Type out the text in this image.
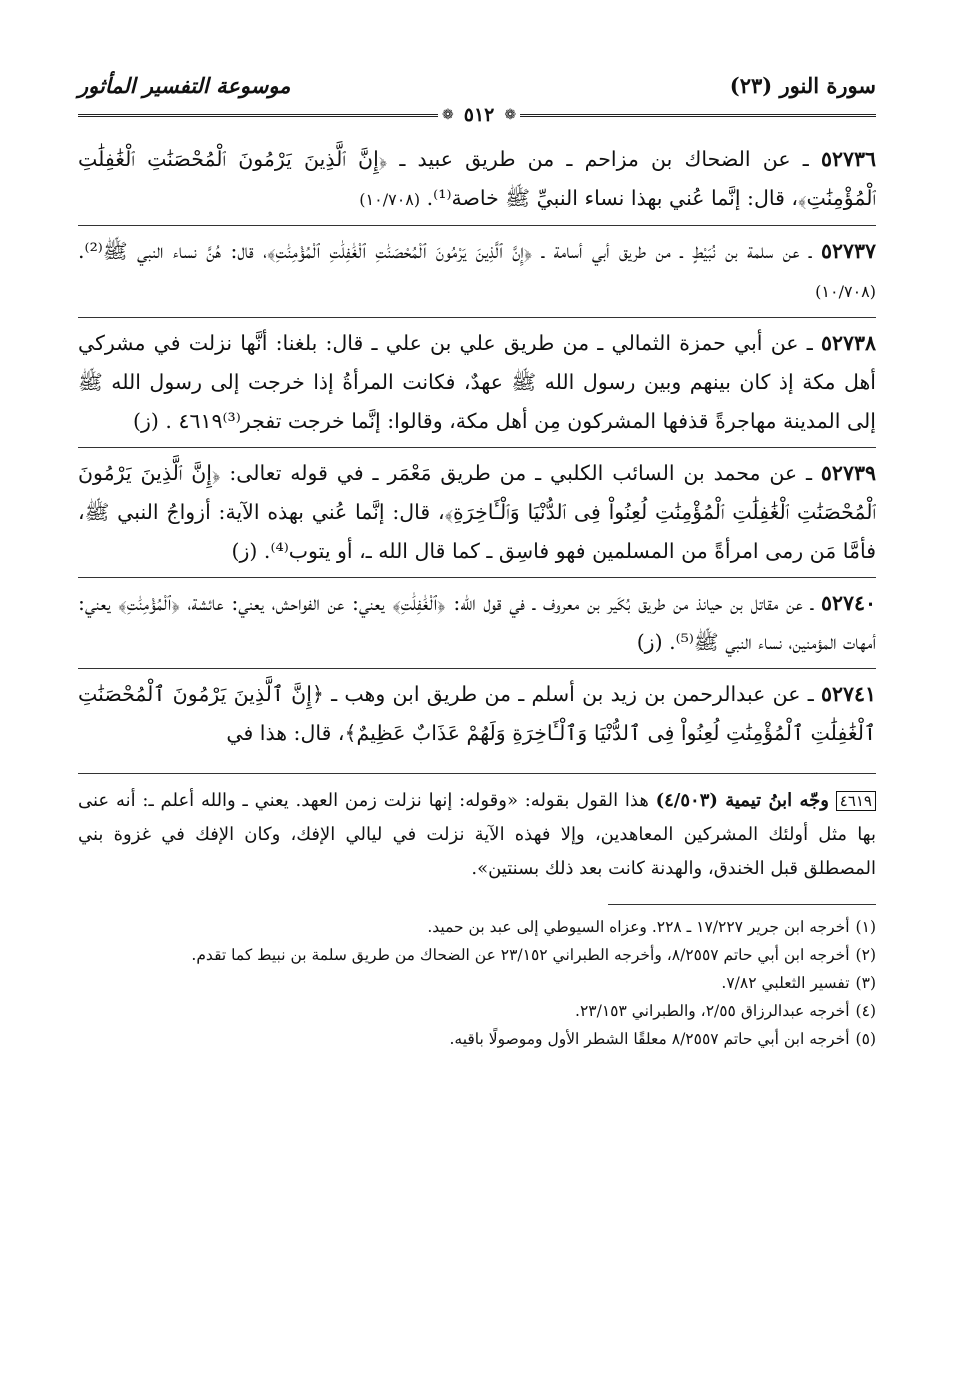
سورة النور (٢٣)
موسوعة التفسير المأثور
❁
٥١٢
❁

٥٢٧٣٦ ـ عن الضحاك بن مزاحم ـ من طريق عبيد ـ ﴿إِنَّ ٱلَّذِينَ يَرْمُونَ ٱلْمُحْصَنَٰتِ ٱلْغَٰفِلَٰتِ ٱلْمُؤْمِنَٰتِ﴾، قال: إنَّما عُني بهذا نساء النبيِّ ﷺ خاصة⁽¹⁾. (١٠/٧٠٨)

٥٢٧٣٧ ـ عن سلمة بن نُبَيْطٍ ـ من طريق أبي أسامة ـ ﴿إِنَّ ٱلَّذِينَ يَرْمُونَ ٱلْمُحْصَنَٰتِ ٱلْغَٰفِلَٰتِ ٱلْمُؤْمِنَٰتِ﴾، قال: هُنَّ نساء النبي ﷺ⁽²⁾. (١٠/٧٠٨)

٥٢٧٣٨ ـ عن أبي حمزة الثمالي ـ من طريق علي بن علي ـ قال: بلغنا: أنَّها نزلت في مشركي أهل مكة إذ كان بينهم وبين رسول الله ﷺ عهدٌ، فكانت المرأةُ إذا خرجت إلى رسول الله ﷺ إلى المدينة مهاجرةً قذفها المشركون مِن أهل مكة، وقالوا: إنَّما خرجت تفجر⁽³⁾٤٦١٩ . (ز)

٥٢٧٣٩ ـ عن محمد بن السائب الكلبي ـ من طريق مَعْمَر ـ في قوله تعالى: ﴿إِنَّ ٱلَّذِينَ يَرْمُونَ ٱلْمُحْصَنَٰتِ ٱلْغَٰفِلَٰتِ ٱلْمُؤْمِنَٰتِ لُعِنُواْ فِى ٱلدُّنْيَا وَٱلْـَٔاخِرَةِ﴾، قال: إنَّما عُني بهذه الآية: أزواجُ النبي ﷺ، فأمَّا مَن رمى امرأةً من المسلمين فهو فاسِق ـ كما قال الله ـ، أو يتوب⁽⁴⁾. (ز)

٥٢٧٤٠ ـ عن مقاتل بن حيانذ من طريق بُكَير بن معروف ـ في قول الله: ﴿ٱلْغَٰفِلَٰتِ﴾ يعني: عن الفواحش، يعني: عائشة، ﴿ٱلْمُؤْمِنَٰتِ﴾ يعني: أمهات المؤمنين، نساء النبي ﷺ⁽⁵⁾. (ز)

٥٢٧٤١ ـ عن عبدالرحمن بن زيد بن أسلم ـ من طريق ابن وهب ـ ﴿إِنَّ ٱلَّذِينَ يَرْمُونَ ٱلْمُحْصَنَٰتِ ٱلْغَٰفِلَٰتِ ٱلْمُؤْمِنَٰتِ لُعِنُواْ فِى ٱلدُّنْيَا وَٱلْـَٔاخِرَةِ وَلَهُمْ عَذَابٌ عَظِيمٌ﴾، قال: هذا في

٤٦١٩ وجّه ابنُ تيمية (٤/٥٠٣) هذا القول بقوله: «وقوله: إنها نزلت زمن العهد. يعني ـ والله أعلم ـ: أنه عنى بها مثل أولئك المشركين المعاهدين، وإلا فهذه الآية نزلت في ليالي الإفك، وكان الإفك في غزوة بني المصطلق قبل الخندق، والهدنة كانت بعد ذلك بسنتين».

(١)أخرجه ابن جرير ١٧/٢٢٧ ـ ٢٢٨. وعزاه السيوطي إلى عبد بن حميد.

(٢)أخرجه ابن أبي حاتم ٨/٢٥٥٧، وأخرجه الطبراني ٢٣/١٥٢ عن الضحاك من طريق سلمة بن نبيط كما تقدم.

(٣)تفسير الثعلبي ٧/٨٢.

(٤)أخرجه عبدالرزاق ٢/٥٥، والطبراني ٢٣/١٥٣.

(٥)أخرجه ابن أبي حاتم ٨/٢٥٥٧ معلقًا الشطر الأول وموصولًا باقيه.
